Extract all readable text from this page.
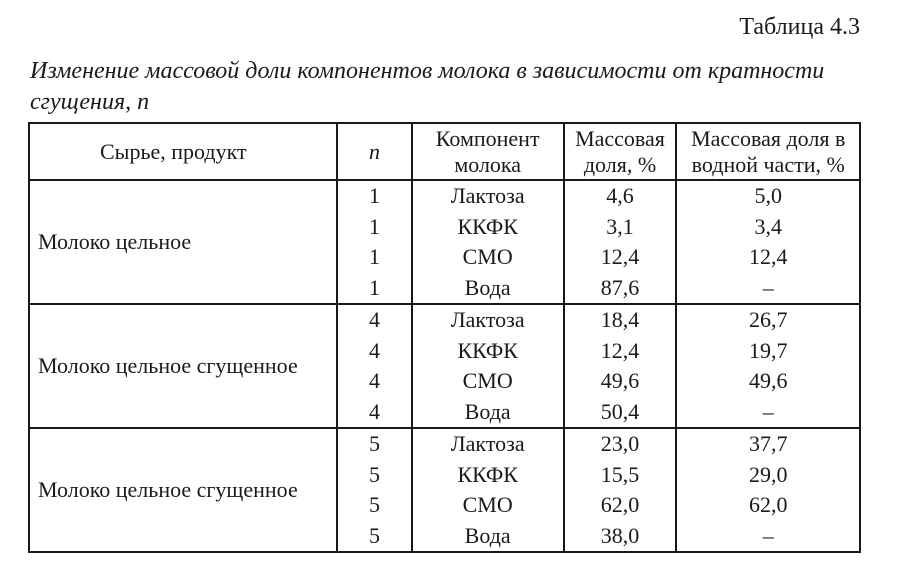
Таблица 4.3
Изменение массовой доли компонентов молока в зависимости от кратности сгущения, n
Сырье, продукт	n	Компонент молока	Массовая доля, %	Массовая доля в водной части, %
Молоко цельное	1	Лактоза	4,6	5,0
	1	ККФК	3,1	3,4
	1	СМО	12,4	12,4
	1	Вода	87,6	–
Молоко цельное сгущенное	4	Лактоза	18,4	26,7
	4	ККФК	12,4	19,7
	4	СМО	49,6	49,6
	4	Вода	50,4	–
Молоко цельное сгущенное	5	Лактоза	23,0	37,7
	5	ККФК	15,5	29,0
	5	СМО	62,0	62,0
	5	Вода	38,0	–
